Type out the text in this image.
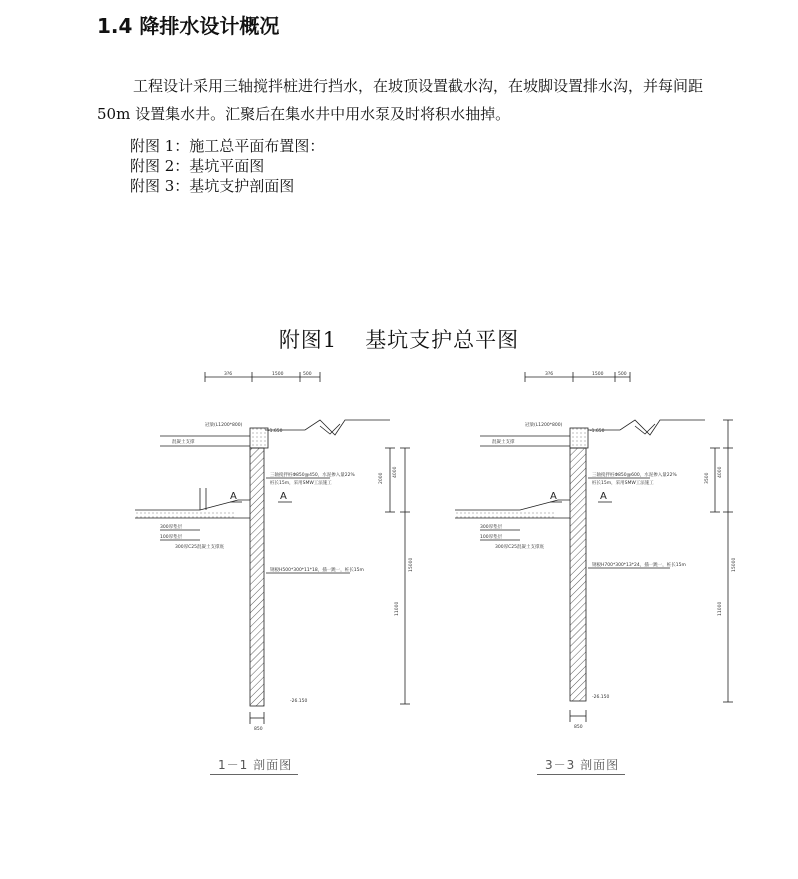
1.4 降排水设计概况
工程设计采用三轴搅拌桩进行挡水，在坡顶设置截水沟，在坡脚设置排水沟，并每间距 50m 设置集水井。汇聚后在集水井中用水泵及时将积水抽掉。
附图 1：施工总平面布置图：
附图 2：基坑平面图
附图 3：基坑支护剖面图
附图1 基坑支护总平图
3?6	1500	500
冠梁(L1200*800)
混凝土支撑
三轴搅拌桩Φ850@450，水泥掺入量22%
桩长15m，采用SMW工法施工
钢板H500*300*11*18，插一跳一，桩长15m
-1.650
300厚垫层
100厚垫层
300厚C25混凝土支撑底
-26.150
850
4000
2000
15000
11000
A	A
3?6	1500	500
冠梁(L1200*800)
混凝土支撑
三轴搅拌桩Φ850@600，水泥掺入量22%
桩长15m，采用SMW工法施工
钢板H700*300*13*24，插一跳一，桩长15m
-1.650
300厚垫层
100厚垫层
300厚C25混凝土支撑底
-26.150
850
4000
3500
15000
11000
A	A
1－1 剖面图	3－3 剖面图
